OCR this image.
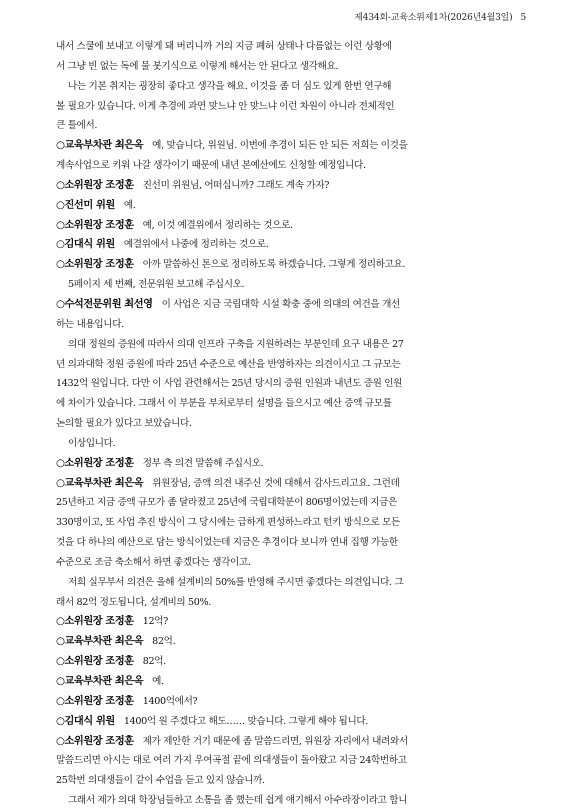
제434회-교육소위제1차(2026년4월3일) 5
내서 스쿨에 보내고 이렇게 돼 버리니까 거의 지금 폐허 상태나 다름없는 이런 상황에
서 그냥 빈 없는 독에 물 붓기식으로 이렇게 해서는 안 된다고 생각해요.
나는 기본 취지는 굉장히 좋다고 생각을 해요. 이것을 좀 더 심도 있게 한번 연구해
볼 필요가 있습니다. 이게 추경에 과연 맞느냐 안 맞느냐 이런 차원이 아니라 전체적인
큰 틀에서.
○교육부차관 최은옥 예, 맞습니다, 위원님. 이번에 추경이 되든 안 되든 저희는 이것을
계속사업으로 키워 나갈 생각이기 때문에 내년 본예산에도 신청할 예정입니다.
○소위원장 조정훈 진선미 위원님, 어떠십니까? 그래도 계속 가자?
○진선미 위원 예.
○소위원장 조정훈 예, 이것 예결위에서 정리하는 것으로.
○김대식 위원 예결위에서 나중에 정리하는 것으로.
○소위원장 조정훈 아까 말씀하신 톤으로 정리하도록 하겠습니다. 그렇게 정리하고요.
5페이지 세 번째, 전문위원 보고해 주십시오.
○수석전문위원 최선영 이 사업은 지금 국립대학 시설 확충 중에 의대의 여건을 개선
하는 내용입니다.
의대 정원의 증원에 따라서 의대 인프라 구축을 지원하려는 부분인데 요구 내용은 27
년 의과대학 정원 증원에 따라 25년 수준으로 예산을 반영하자는 의견이시고 그 규모는
1432억 원입니다. 다만 이 사업 관련해서는 25년 당시의 증원 인원과 내년도 증원 인원
에 차이가 있습니다. 그래서 이 부분을 부처로부터 설명을 들으시고 예산 증액 규모를
논의할 필요가 있다고 보았습니다.
이상입니다.
○소위원장 조정훈 정부 측 의견 말씀해 주십시오.
○교육부차관 최은옥 위원장님, 증액 의견 내주신 것에 대해서 감사드리고요. 그런데
25년하고 지금 증액 규모가 좀 달라졌고 25년에 국립대학분이 806명이었는데 지금은
330명이고, 또 사업 추진 방식이 그 당시에는 급하게 편성하느라고 턴키 방식으로 모든
것을 다 하나의 예산으로 담는 방식이었는데 지금은 추경이다 보니까 연내 집행 가능한
수준으로 조금 축소해서 하면 좋겠다는 생각이고.
저희 실무부서 의견은 올해 설계비의 50%를 반영해 주시면 좋겠다는 의견입니다. 그
래서 82억 정도됩니다, 설계비의 50%.
○소위원장 조정훈 12억?
○교육부차관 최은옥 82억.
○소위원장 조정훈 82억.
○교육부차관 최은옥 예.
○소위원장 조정훈 1400억에서?
○김대식 위원 1400억 원 주겠다고 해도…… 맞습니다. 그렇게 해야 됩니다.
○소위원장 조정훈 제가 제안한 거기 때문에 좀 말씀드리면, 위원장 자리에서 내려와서
말씀드리면 아시는 대로 여러 가지 우여곡절 끝에 의대생들이 돌아왔고 지금 24학번하고
25학번 의대생들이 같이 수업을 듣고 있지 않습니까.
그래서 제가 의대 학장님들하고 소통을 좀 했는데 쉽게 얘기해서 아수라장이라고 합니
